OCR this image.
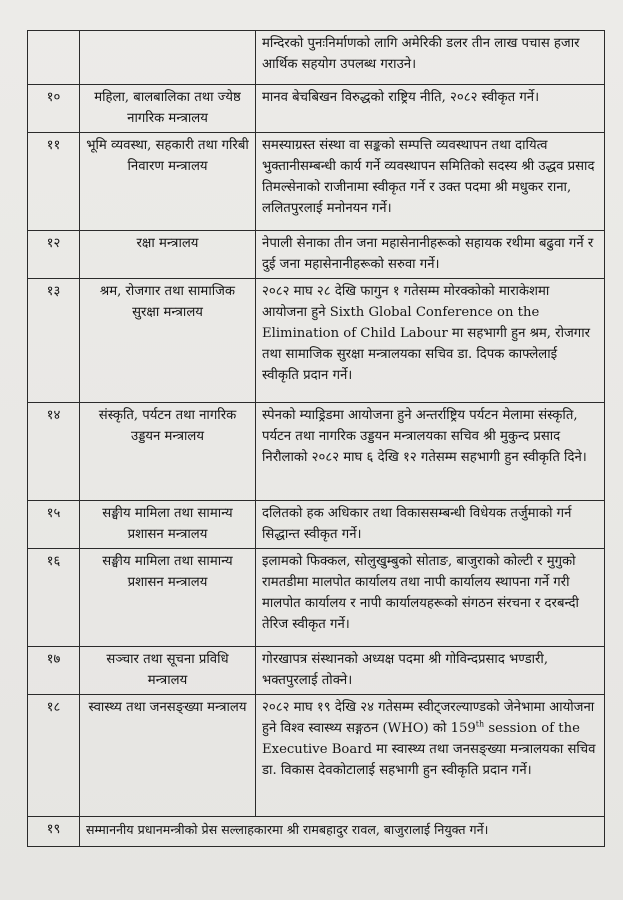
		मन्दिरको पुनःनिर्माणको लागि अमेरिकी डलर तीन लाख पचास हजार आर्थिक सहयोग उपलब्ध गराउने।
१०	महिला, बालबालिका तथा ज्येष्ठ नागरिक मन्त्रालय	मानव बेचबिखन विरुद्धको राष्ट्रिय नीति, २०८२ स्वीकृत गर्ने।
११	भूमि व्यवस्था, सहकारी तथा गरिबी निवारण मन्त्रालय	समस्याग्रस्त संस्था वा सङ्कको सम्पत्ति व्यवस्थापन तथा दायित्व भुक्तानीसम्बन्धी कार्य गर्ने व्यवस्थापन समितिको सदस्य श्री उद्धव प्रसाद तिमल्सेनाको राजीनामा स्वीकृत गर्ने र उक्त पदमा श्री मधुकर राना, ललितपुरलाई मनोनयन गर्ने।
१२	रक्षा मन्त्रालय	नेपाली सेनाका तीन जना महासेनानीहरूको सहायक रथीमा बढुवा गर्ने र दुई जना महासेनानीहरूको सरुवा गर्ने।
१३	श्रम, रोजगार तथा सामाजिक सुरक्षा मन्त्रालय	२०८२ माघ २८ देखि फागुन १ गतेसम्म मोरक्कोको माराकेशमा आयोजना हुने Sixth Global Conference on the Elimination of Child Labour मा सहभागी हुन श्रम, रोजगार तथा सामाजिक सुरक्षा मन्त्रालयका सचिव डा. दिपक काफ्लेलाई स्वीकृति प्रदान गर्ने।
१४	संस्कृति, पर्यटन तथा नागरिक उड्डयन मन्त्रालय	स्पेनको म्याड्रिडमा आयोजना हुने अन्तर्राष्ट्रिय पर्यटन मेलामा संस्कृति, पर्यटन तथा नागरिक उड्डयन मन्त्रालयका सचिव श्री मुकुन्द प्रसाद निरौलाको २०८२ माघ ६ देखि १२ गतेसम्म सहभागी हुन स्वीकृति दिने।
१५	सङ्घीय मामिला तथा सामान्य प्रशासन मन्त्रालय	दलितको हक अधिकार तथा विकाससम्बन्धी विधेयक तर्जुमाको गर्न सिद्धान्त स्वीकृत गर्ने।
१६	सङ्घीय मामिला तथा सामान्य प्रशासन मन्त्रालय	इलामको फिक्कल, सोलुखुम्बुको सोताङ, बाजुराको कोल्टी र मुगुको रामतडीमा मालपोत कार्यालय तथा नापी कार्यालय स्थापना गर्ने गरी मालपोत कार्यालय र नापी कार्यालयहरूको संगठन संरचना र दरबन्दी तेरिज स्वीकृत गर्ने।
१७	सञ्चार तथा सूचना प्रविधि मन्त्रालय	गोरखापत्र संस्थानको अध्यक्ष पदमा श्री गोविन्दप्रसाद भण्डारी, भक्तपुरलाई तोक्ने।
१८	स्वास्थ्य तथा जनसङ्ख्या मन्त्रालय	२०८२ माघ १९ देखि २४ गतेसम्म स्वीट्जरल्याण्डको जेनेभामा आयोजना हुने विश्व स्वास्थ्य सङ्गठन (WHO) को 159th session of the Executive Board मा स्वास्थ्य तथा जनसङ्ख्या मन्त्रालयका सचिव डा. विकास देवकोटालाई सहभागी हुन स्वीकृति प्रदान गर्ने।
१९	सम्माननीय प्रधानमन्त्रीको प्रेस सल्लाहकारमा श्री रामबहादुर रावल, बाजुरालाई नियुक्त गर्ने।	
